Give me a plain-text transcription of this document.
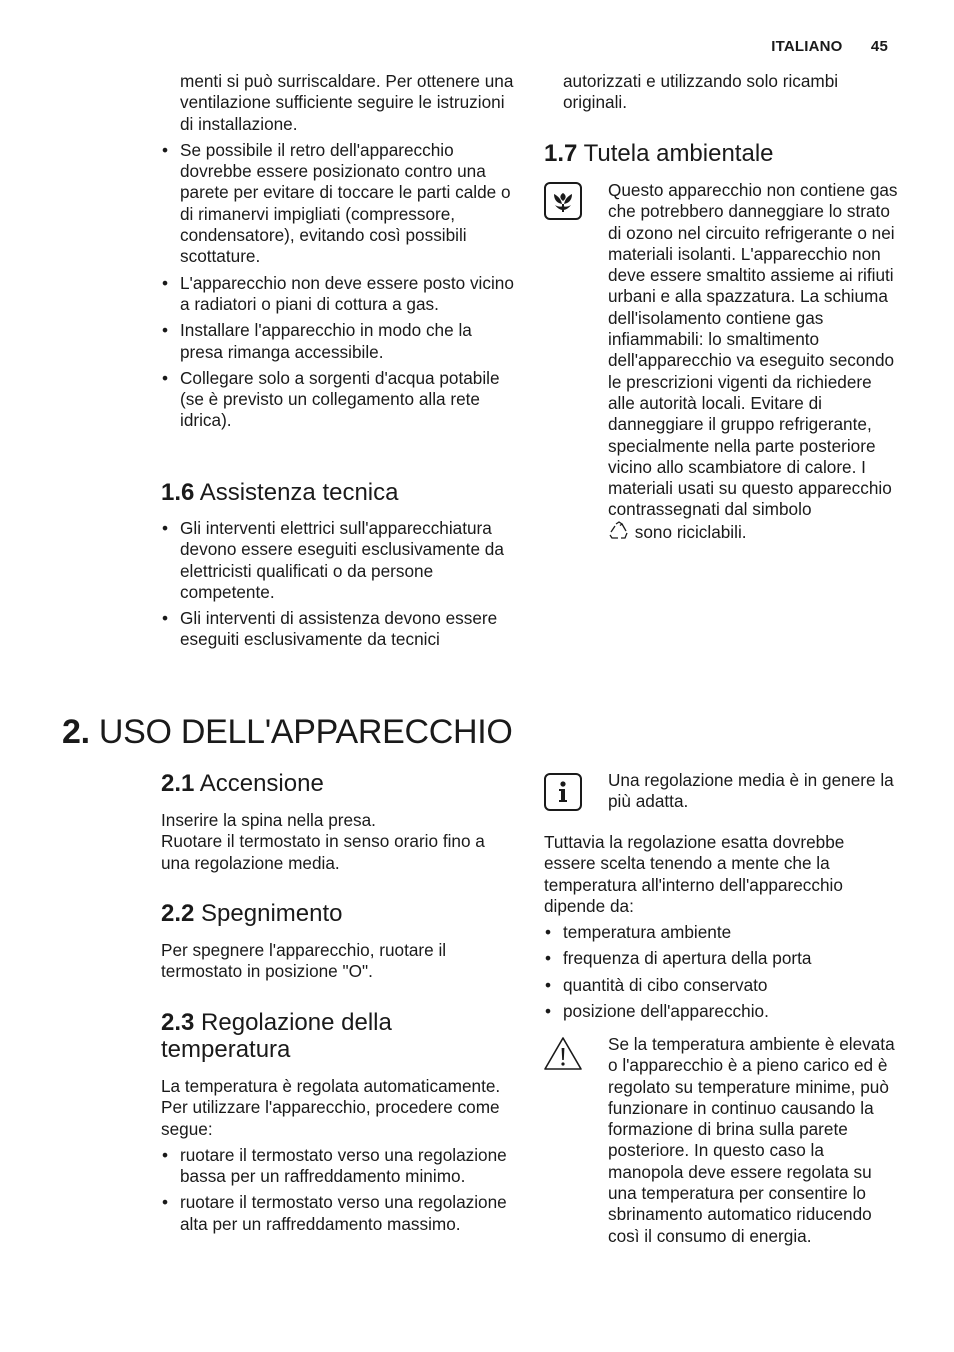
ITALIANO 45

menti si può surriscaldare. Per ottenere una ventilazione sufficiente seguire le istruzioni di installazione.

• Se possibile il retro dell'apparecchio dovrebbe essere posizionato contro una parete per evitare di toccare le parti calde o di rimanervi impigliati (compressore, condensatore), evitando così possibili scottature.
• L'apparecchio non deve essere posto vicino a radiatori o piani di cottura a gas.
• Installare l'apparecchio in modo che la presa rimanga accessibile.
• Collegare solo a sorgenti d'acqua potabile (se è previsto un collegamento alla rete idrica).
1.6 Assistenza tecnica
• Gli interventi elettrici sull'apparecchiatura devono essere eseguiti esclusivamente da elettricisti qualificati o da persone competente.
• Gli interventi di assistenza devono essere eseguiti esclusivamente da tecnici

autorizzati e utilizzando solo ricambi originali.

1.7 Tutela ambientale
Questo apparecchio non contiene gas che potrebbero danneggiare lo strato di ozono nel circuito refrigerante o nei materiali isolanti. L'apparecchio non deve essere smaltito assieme ai rifiuti urbani e alla spazzatura. La schiuma dell'isolamento contiene gas infiammabili: lo smaltimento dell'apparecchio va eseguito secondo le prescrizioni vigenti da richiedere alle autorità locali. Evitare di danneggiare il gruppo refrigerante, specialmente nella parte posteriore vicino allo scambiatore di calore. I materiali usati su questo apparecchio contrassegnati dal simbolo
sono riciclabili.
2. USO DELL'APPARECCHIO
2.1 Accensione

Inserire la spina nella presa.

Ruotare il termostato in senso orario fino a una regolazione media.

2.2 Spegnimento

Per spegnere l'apparecchio, ruotare il termostato in posizione "O".

2.3 Regolazione della temperatura

La temperatura è regolata automaticamente.

Per utilizzare l'apparecchio, procedere come segue:

• ruotare il termostato verso una regolazione bassa per un raffreddamento minimo.
• ruotare il termostato verso una regolazione alta per un raffreddamento massimo.

Una regolazione media è in genere la più adatta.

Tuttavia la regolazione esatta dovrebbe essere scelta tenendo a mente che la temperatura all'interno dell'apparecchio dipende da:

• temperatura ambiente
• frequenza di apertura della porta
• quantità di cibo conservato
• posizione dell'apparecchio.

Se la temperatura ambiente è elevata o l'apparecchio è a pieno carico ed è regolato su temperature minime, può funzionare in continuo causando la formazione di brina sulla parete posteriore. In questo caso la manopola deve essere regolata su una temperatura per consentire lo sbrinamento automatico riducendo così il consumo di energia.
